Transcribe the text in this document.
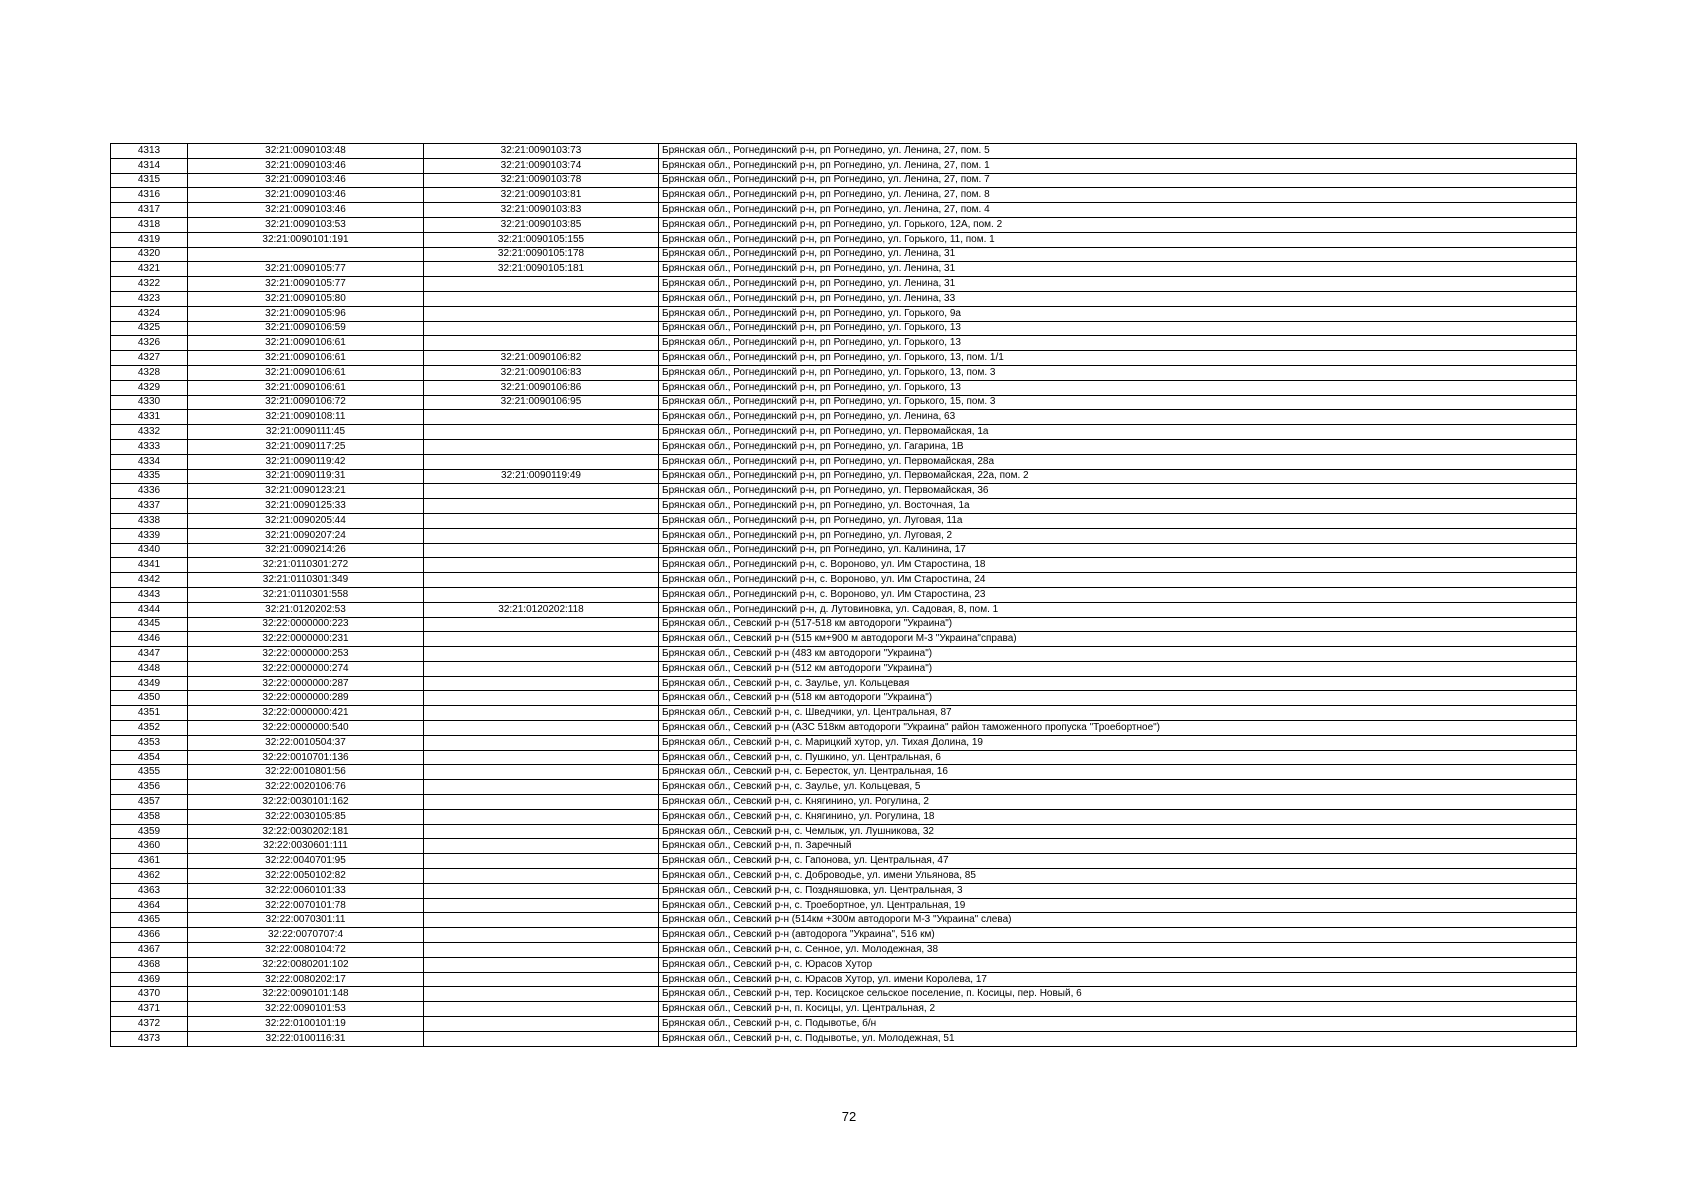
4313	32:21:0090103:48	32:21:0090103:73	Брянская обл., Рогнединский р-н, рп Рогнедино, ул. Ленина, 27, пом. 5
4314	32:21:0090103:46	32:21:0090103:74	Брянская обл., Рогнединский р-н, рп Рогнедино, ул. Ленина, 27, пом. 1
4315	32:21:0090103:46	32:21:0090103:78	Брянская обл., Рогнединский р-н, рп Рогнедино, ул. Ленина, 27, пом. 7
4316	32:21:0090103:46	32:21:0090103:81	Брянская обл., Рогнединский р-н, рп Рогнедино, ул. Ленина, 27, пом. 8
4317	32:21:0090103:46	32:21:0090103:83	Брянская обл., Рогнединский р-н, рп Рогнедино, ул. Ленина, 27, пом. 4
4318	32:21:0090103:53	32:21:0090103:85	Брянская обл., Рогнединский р-н, рп Рогнедино, ул. Горького, 12А, пом. 2
4319	32:21:0090101:191	32:21:0090105:155	Брянская обл., Рогнединский р-н, рп Рогнедино, ул. Горького, 11, пом. 1
4320		32:21:0090105:178	Брянская обл., Рогнединский р-н, рп Рогнедино, ул. Ленина, 31
4321	32:21:0090105:77	32:21:0090105:181	Брянская обл., Рогнединский р-н, рп Рогнедино, ул. Ленина, 31
4322	32:21:0090105:77		Брянская обл., Рогнединский р-н, рп Рогнедино, ул. Ленина, 31
4323	32:21:0090105:80		Брянская обл., Рогнединский р-н, рп Рогнедино, ул. Ленина, 33
4324	32:21:0090105:96		Брянская обл., Рогнединский р-н, рп Рогнедино, ул. Горького, 9а
4325	32:21:0090106:59		Брянская обл., Рогнединский р-н, рп Рогнедино, ул. Горького, 13
4326	32:21:0090106:61		Брянская обл., Рогнединский р-н, рп Рогнедино, ул. Горького, 13
4327	32:21:0090106:61	32:21:0090106:82	Брянская обл., Рогнединский р-н, рп Рогнедино, ул. Горького, 13, пом. 1/1
4328	32:21:0090106:61	32:21:0090106:83	Брянская обл., Рогнединский р-н, рп Рогнедино, ул. Горького, 13, пом. 3
4329	32:21:0090106:61	32:21:0090106:86	Брянская обл., Рогнединский р-н, рп Рогнедино, ул. Горького, 13
4330	32:21:0090106:72	32:21:0090106:95	Брянская обл., Рогнединский р-н, рп Рогнедино, ул. Горького, 15, пом. 3
4331	32:21:0090108:11		Брянская обл., Рогнединский р-н, рп Рогнедино, ул. Ленина, 63
4332	32:21:0090111:45		Брянская обл., Рогнединский р-н, рп Рогнедино, ул. Первомайская, 1а
4333	32:21:0090117:25		Брянская обл., Рогнединский р-н, рп Рогнедино, ул. Гагарина, 1В
4334	32:21:0090119:42		Брянская обл., Рогнединский р-н, рп Рогнедино, ул. Первомайская, 28а
4335	32:21:0090119:31	32:21:0090119:49	Брянская обл., Рогнединский р-н, рп Рогнедино, ул. Первомайская, 22а, пом. 2
4336	32:21:0090123:21		Брянская обл., Рогнединский р-н, рп Рогнедино, ул. Первомайская, 36
4337	32:21:0090125:33		Брянская обл., Рогнединский р-н, рп Рогнедино, ул. Восточная, 1а
4338	32:21:0090205:44		Брянская обл., Рогнединский р-н, рп Рогнедино, ул. Луговая, 11а
4339	32:21:0090207:24		Брянская обл., Рогнединский р-н, рп Рогнедино, ул. Луговая, 2
4340	32:21:0090214:26		Брянская обл., Рогнединский р-н, рп Рогнедино, ул. Калинина, 17
4341	32:21:0110301:272		Брянская обл., Рогнединский р-н, с. Вороново, ул. Им Старостина, 18
4342	32:21:0110301:349		Брянская обл., Рогнединский р-н, с. Вороново, ул. Им Старостина, 24
4343	32:21:0110301:558		Брянская обл., Рогнединский р-н, с. Вороново, ул. Им Старостина, 23
4344	32:21:0120202:53	32:21:0120202:118	Брянская обл., Рогнединский р-н, д. Лутовиновка, ул. Садовая, 8, пом. 1
4345	32:22:0000000:223		Брянская обл., Севский р-н (517-518 км автодороги "Украина")
4346	32:22:0000000:231		Брянская обл., Севский р-н (515 км+900 м автодороги М-3 "Украина"справа)
4347	32:22:0000000:253		Брянская обл., Севский р-н (483 км автодороги "Украина")
4348	32:22:0000000:274		Брянская обл., Севский р-н (512 км автодороги "Украина")
4349	32:22:0000000:287		Брянская обл., Севский р-н, с. Заулье, ул. Кольцевая
4350	32:22:0000000:289		Брянская обл., Севский р-н (518 км автодороги "Украина")
4351	32:22:0000000:421		Брянская обл., Севский р-н, с. Шведчики, ул. Центральная, 87
4352	32:22:0000000:540		Брянская обл., Севский р-н (АЗС 518км автодороги "Украина" район таможенного пропуска "Троебортное")
4353	32:22:0010504:37		Брянская обл., Севский р-н, с. Марицкий хутор, ул. Тихая Долина, 19
4354	32:22:0010701:136		Брянская обл., Севский р-н, с. Пушкино, ул. Центральная, 6
4355	32:22:0010801:56		Брянская обл., Севский р-н, с. Бересток, ул. Центральная, 16
4356	32:22:0020106:76		Брянская обл., Севский р-н, с. Заулье, ул. Кольцевая, 5
4357	32:22:0030101:162		Брянская обл., Севский р-н, с. Княгинино, ул. Рогулина, 2
4358	32:22:0030105:85		Брянская обл., Севский р-н, с. Княгинино, ул. Рогулина, 18
4359	32:22:0030202:181		Брянская обл., Севский р-н, с. Чемлыж, ул. Лушникова, 32
4360	32:22:0030601:111		Брянская обл., Севский р-н, п. Заречный
4361	32:22:0040701:95		Брянская обл., Севский р-н, с. Гапонова, ул. Центральная, 47
4362	32:22:0050102:82		Брянская обл., Севский р-н, с. Доброводье, ул. имени Ульянова, 85
4363	32:22:0060101:33		Брянская обл., Севский р-н, с. Поздняшовка, ул. Центральная, 3
4364	32:22:0070101:78		Брянская обл., Севский р-н, с. Троебортное, ул. Центральная, 19
4365	32:22:0070301:11		Брянская обл., Севский р-н (514км +300м автодороги М-3 "Украина" слева)
4366	32:22:0070707:4		Брянская обл., Севский р-н (автодорога "Украина", 516 км)
4367	32:22:0080104:72		Брянская обл., Севский р-н, с. Сенное, ул. Молодежная, 38
4368	32:22:0080201:102		Брянская обл., Севский р-н, с. Юрасов Хутор
4369	32:22:0080202:17		Брянская обл., Севский р-н, с. Юрасов Хутор, ул. имени Королева, 17
4370	32:22:0090101:148		Брянская обл., Севский р-н, тер. Косицское сельское поселение, п. Косицы, пер. Новый, 6
4371	32:22:0090101:53		Брянская обл., Севский р-н, п. Косицы, ул. Центральная, 2
4372	32:22:0100101:19		Брянская обл., Севский р-н, с. Подывотье, б/н
4373	32:22:0100116:31		Брянская обл., Севский р-н, с. Подывотье, ул. Молодежная, 51
72
